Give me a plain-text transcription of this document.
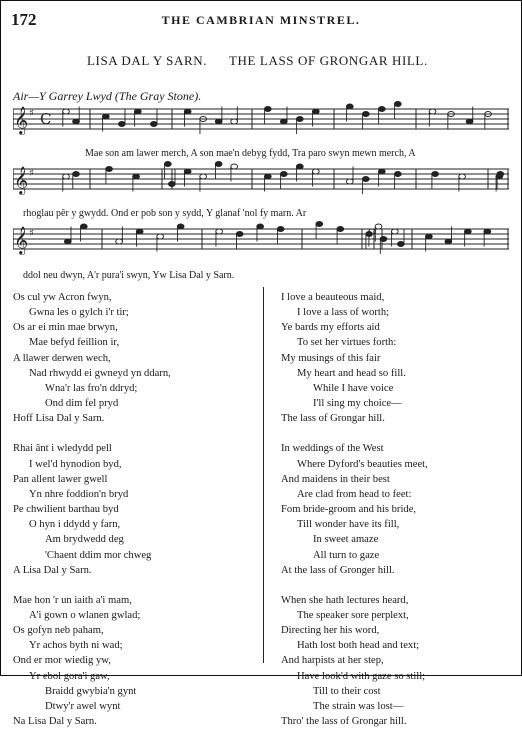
172	THE CAMBRIAN MINSTREL.
LISA DAL Y SARN. THE LASS OF GRONGAR HILL.
Air—Y Garrey Lwyd (The Gray Stone).
𝄞 ♯ C
𝄞 ♯
𝄞 ♯
Mae son am lawer merch, A son mae'n debyg fydd, Tra paro swyn mewn merch, A
rhoglau pêr y gwydd. Ond er pob son y sydd, Y glanaf 'nol fy marn. Ar
ddol neu dwyn, A'r pura'i swyn, Yw Lisa Dal y Sarn.
Os cul yw Acron fwyn,
Gwna les o gylch i'r tìr;
Os ar ei min mae brwyn,
Mae befyd feillion ir,
A llawer derwen wech,
Nad rhwydd ei gwneyd yn ddarn,
Wna'r las fro'n ddryd;
Ond dim fel pryd
Hoff Lisa Dal y Sarn.
Rhai ânt i wledydd pell
I wel'd hynodion byd,
Pan allent lawer gwell
Yn nhre foddion'n bryd
Pe chwilient barthau byd
O hyn i ddydd y farn,
Am brydwedd deg
'Chaent ddim mor chweg
A Lisa Dal y Sarn.
Mae hon 'r un iaith a'i mam,
A'i gown o wlanen gwlad;
Os gofyn neb paham,
Yr achos byth ni wad;
Ond er mor wiedig yw,
Yr ebol gora'i gaw,
Braidd gwybia'n gynt
Dtwy'r awel wynt
Na Lisa Dal y Sarn.
I love a beauteous maid,
I love a lass of worth;
Ye bards my efforts aid
To set her virtues forth:
My musings of this fair
My heart and head so fill.
While I have voice
I'll sing my choice—
The lass of Grongar hill.
In weddings of the West
Where Dyford's beauties meet,
And maidens in their best
Are clad from head to feet:
Fom bride-groom and his bride,
Till wonder have its fill,
In sweet amaze
All turn to gaze
At the lass of Gronger hill.
When she hath lectures heard,
The speaker sore perplext,
Directing her his word,
Hath lost both head and text;
And harpists at her step,
Have look'd with gaze so still;
Till to their cost
The strain was lost—
Thro' the lass of Grongar hill.
